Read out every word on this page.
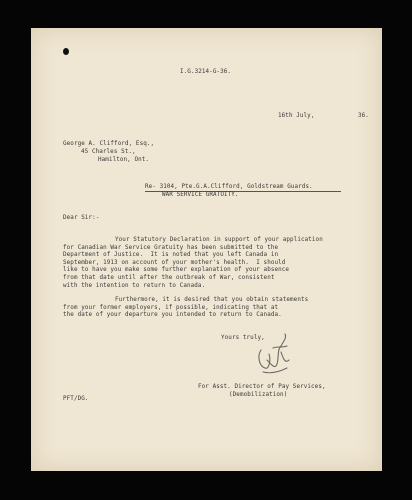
I.G.3214-G-36.
16th July,	36.
George A. Clifford, Esq.,
45 Charles St.,
Hamilton, Ont.
Re- 3104, Pte.G.A.Clifford, Goldstream Guards.
WAR SERVICE GRATUITY.
Dear Sir:-
Your Statutory Declaration in support of your application
for Canadian War Service Gratuity has been submitted to the
Department of Justice.  It is noted that you left Canada in
September, 1913 on account of your mother's health.  I should
like to have you make some further explanation of your absence
from that date until after the outbreak of War, consistent
with the intention to return to Canada.
Furthermore, it is desired that you obtain statements
from your former employers, if possible, indicating that at
the date of your departure you intended to return to Canada.
Yours truly,
For Asst. Director of Pay Services,
(Demobilization)
PFT/DG.
